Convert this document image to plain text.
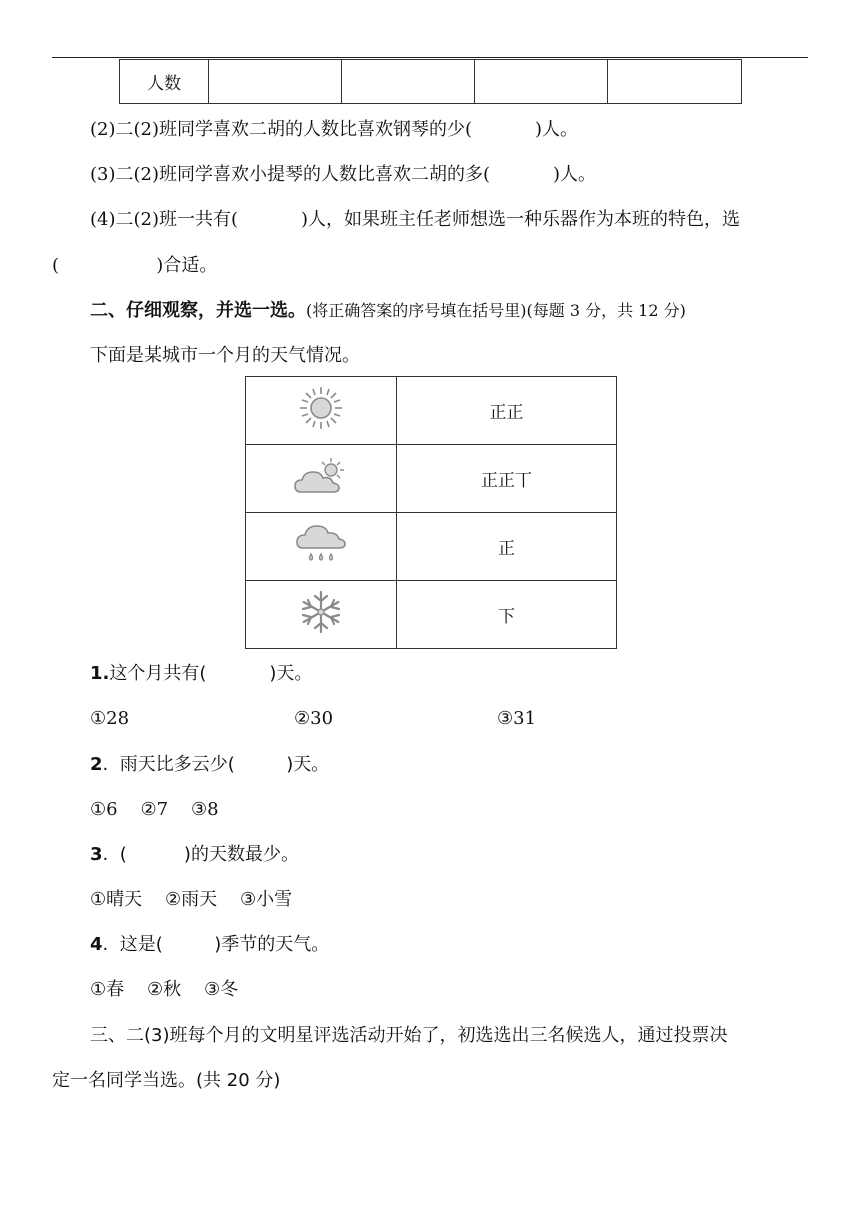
人数				
(2)二(2)班同学喜欢二胡的人数比喜欢钢琴的少(           )人。
(3)二(2)班同学喜欢小提琴的人数比喜欢二胡的多(           )人。
(4)二(2)班一共有(           )人，如果班主任老师想选一种乐器作为本班的特色，选
(                 )合适。
二、仔细观察，并选一选。(将正确答案的序号填在括号里)(每题 3 分，共 12 分)
下面是某城市一个月的天气情况。
	正正
	正正丅
	正
	下
1.这个月共有(           )天。
①28	②30	③31
2.  雨天比多云少(         )天。
①6    ②7    ③8
3.  (          )的天数最少。
①晴天    ②雨天    ③小雪
4.  这是(         )季节的天气。
①春    ②秋    ③冬
三、二(3)班每个月的文明星评选活动开始了，初选选出三名候选人，通过投票决
定一名同学当选。(共 20 分)
